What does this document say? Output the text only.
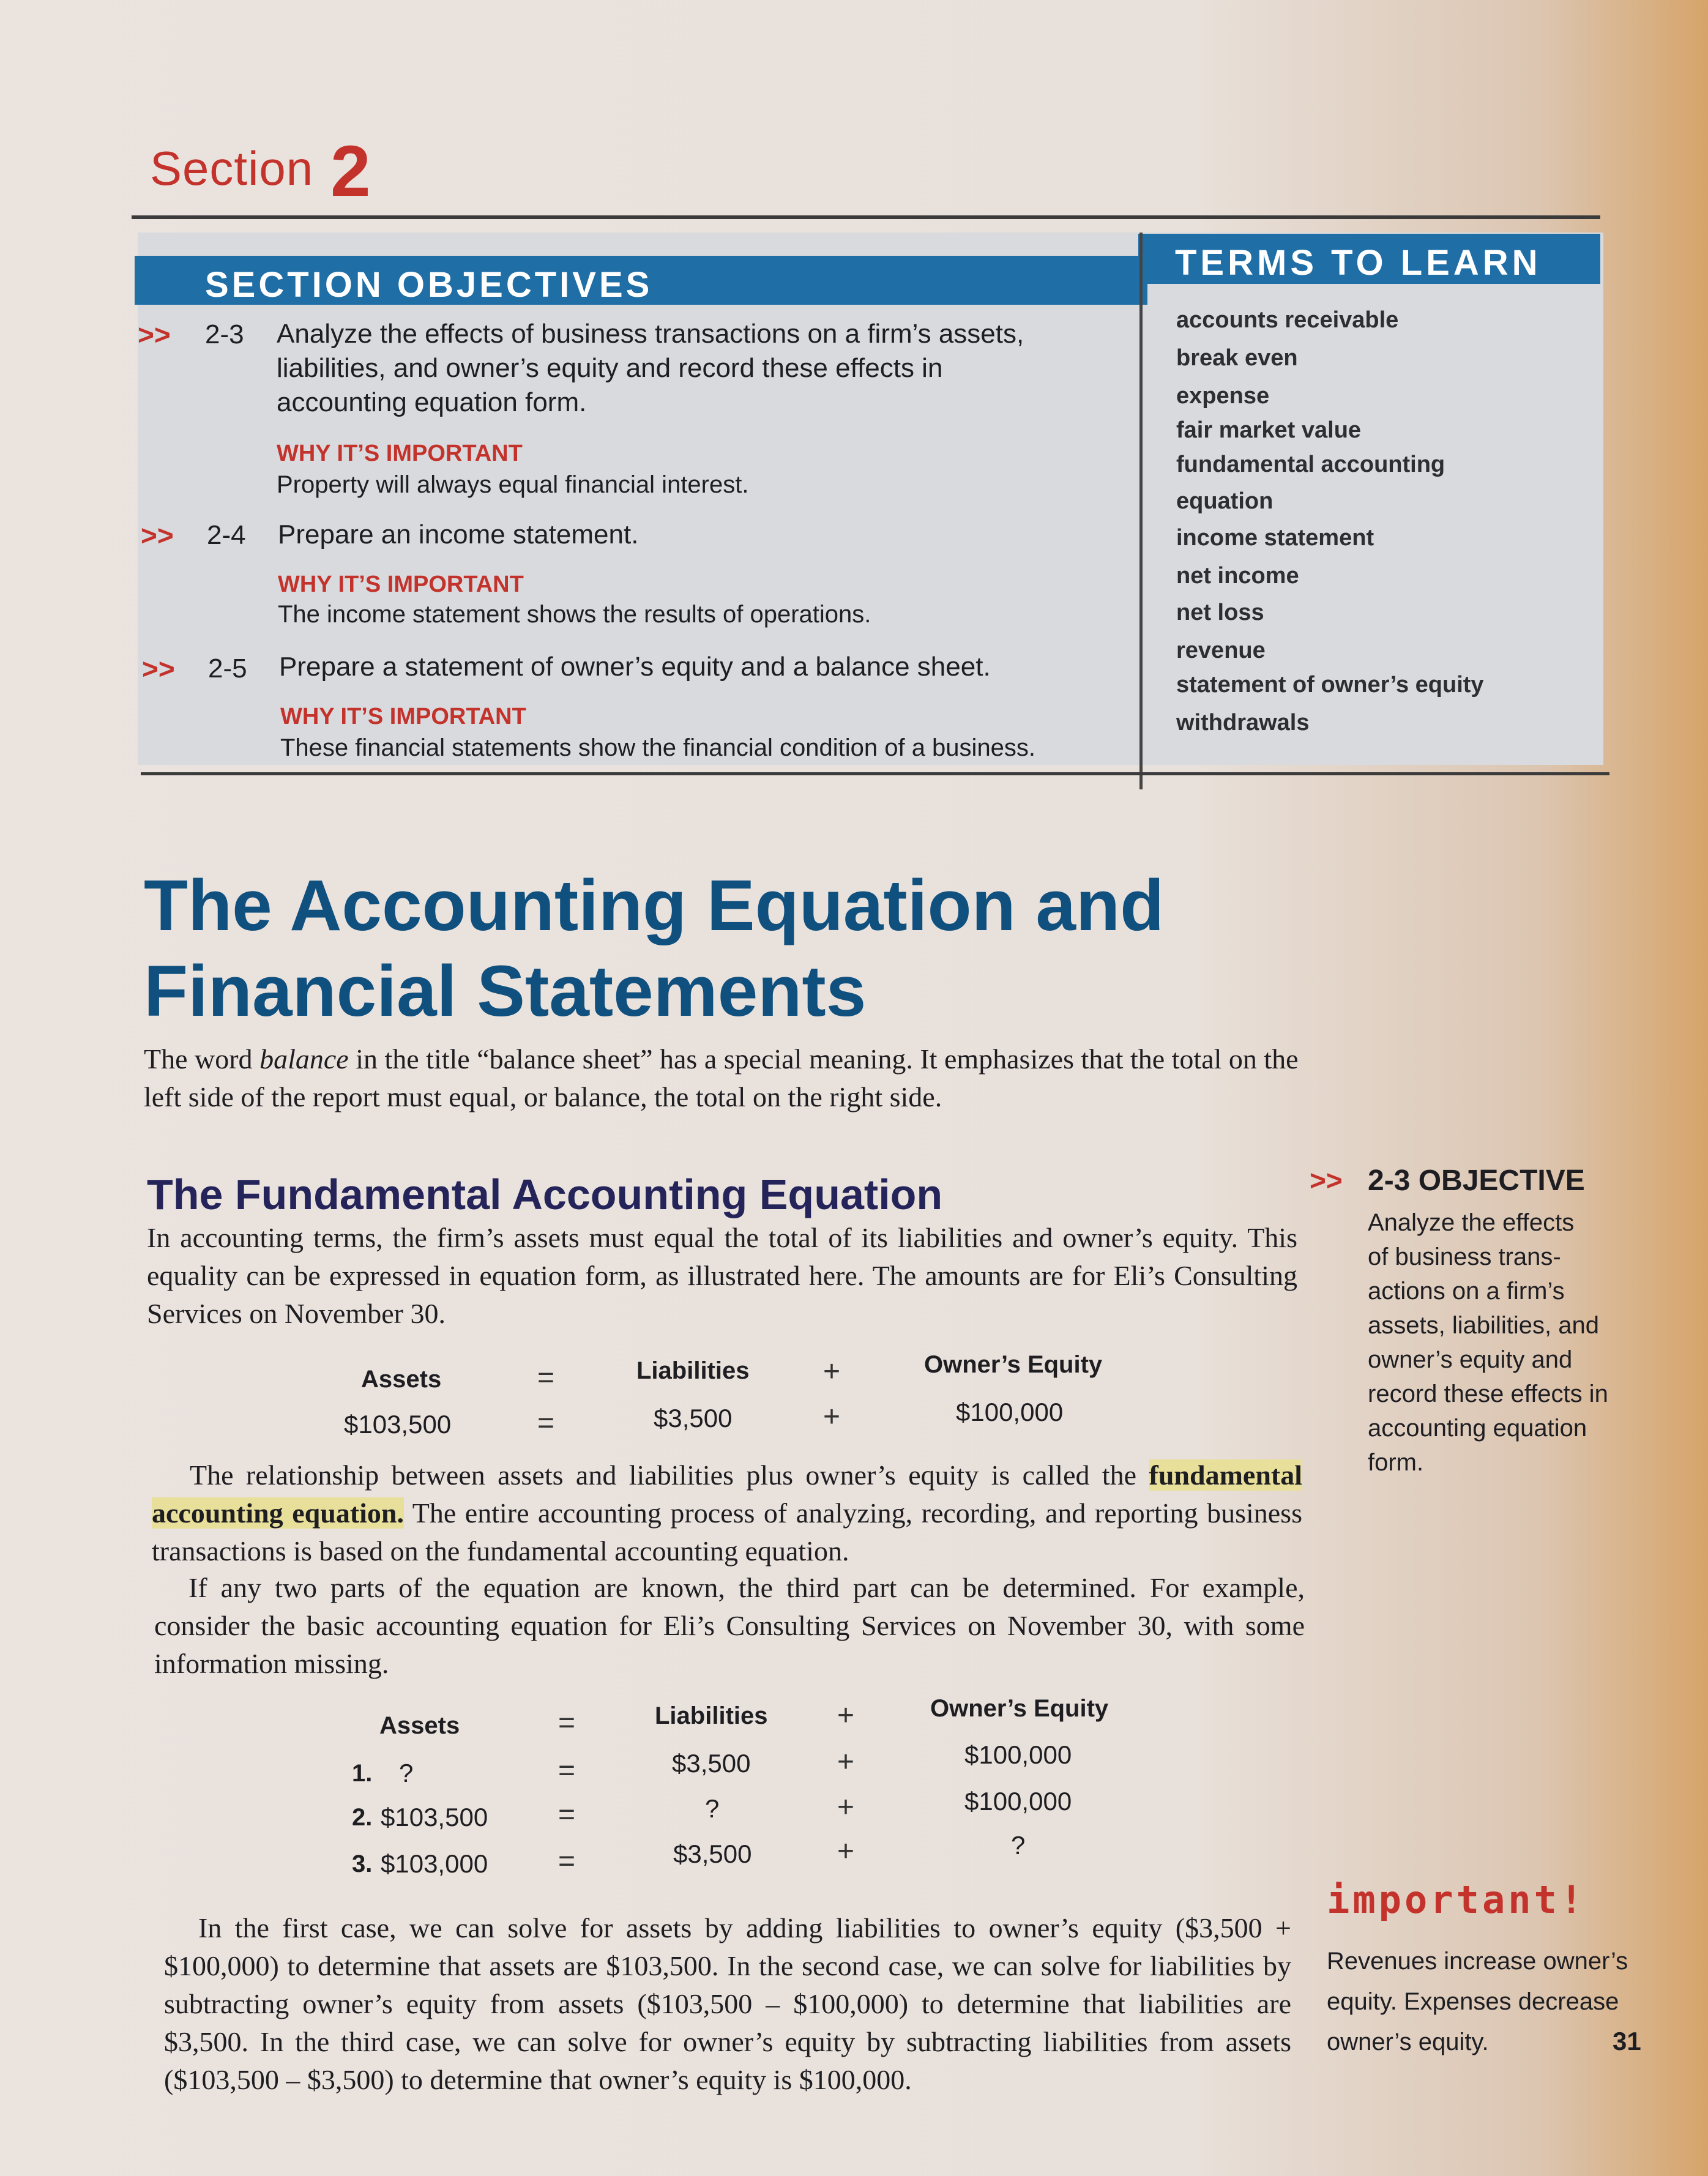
Section 2
SECTION OBJECTIVES
TERMS TO LEARN
>> 2-3 Analyze the effects of business transactions on a firm’s assets,
liabilities, and owner’s equity and record these effects in
accounting equation form.
WHY IT’S IMPORTANT
Property will always equal financial interest.
>> 2-4 Prepare an income statement.
WHY IT’S IMPORTANT
The income statement shows the results of operations.
>> 2-5 Prepare a statement of owner’s equity and a balance sheet.
WHY IT’S IMPORTANT
These financial statements show the financial condition of a business.
accounts receivable
break even
expense
fair market value
fundamental accounting
equation
income statement
net income
net loss
revenue
statement of owner’s equity
withdrawals
The Accounting Equation and
Financial Statements
The word balance in the title “balance sheet” has a special meaning. It emphasizes that the total on the left side of the report must equal, or balance, the total on the right side.
The Fundamental Accounting Equation
In accounting terms, the firm’s assets must equal the total of its liabilities and owner’s equity. This equality can be expressed in equation form, as illustrated here. The amounts are for Eli’s Consulting Services on November 30.
Assets	=	Liabilities	+	Owner’s Equity
$103,500	=	$3,500	+	$100,000
The relationship between assets and liabilities plus owner’s equity is called the fundamental accounting equation. The entire accounting process of analyzing, recording, and reporting business transactions is based on the fundamental accounting equation.
If any two parts of the equation are known, the third part can be determined. For example, consider the basic accounting equation for Eli’s Consulting Services on November 30, with some information missing.
Assets	=	Liabilities +	Owner’s Equity
1. ?	=	$3,500	+	$100,000
2. $103,500 =	?	+	$100,000
3. $103,000 =	$3,500	+	?
In the first case, we can solve for assets by adding liabilities to owner’s equity ($3,500 + $100,000) to determine that assets are $103,500. In the second case, we can solve for liabilities by subtracting owner’s equity from assets ($103,500 – $100,000) to determine that liabilities are $3,500. In the third case, we can solve for owner’s equity by subtracting liabilities from assets ($103,500 – $3,500) to determine that owner’s equity is $100,000.
>> 2-3 OBJECTIVE
Analyze the effects
of business trans-
actions on a firm’s
assets, liabilities, and
owner’s equity and
record these effects in
accounting equation
form.
important!
Revenues increase owner’s
equity. Expenses decrease
owner’s equity.	31
